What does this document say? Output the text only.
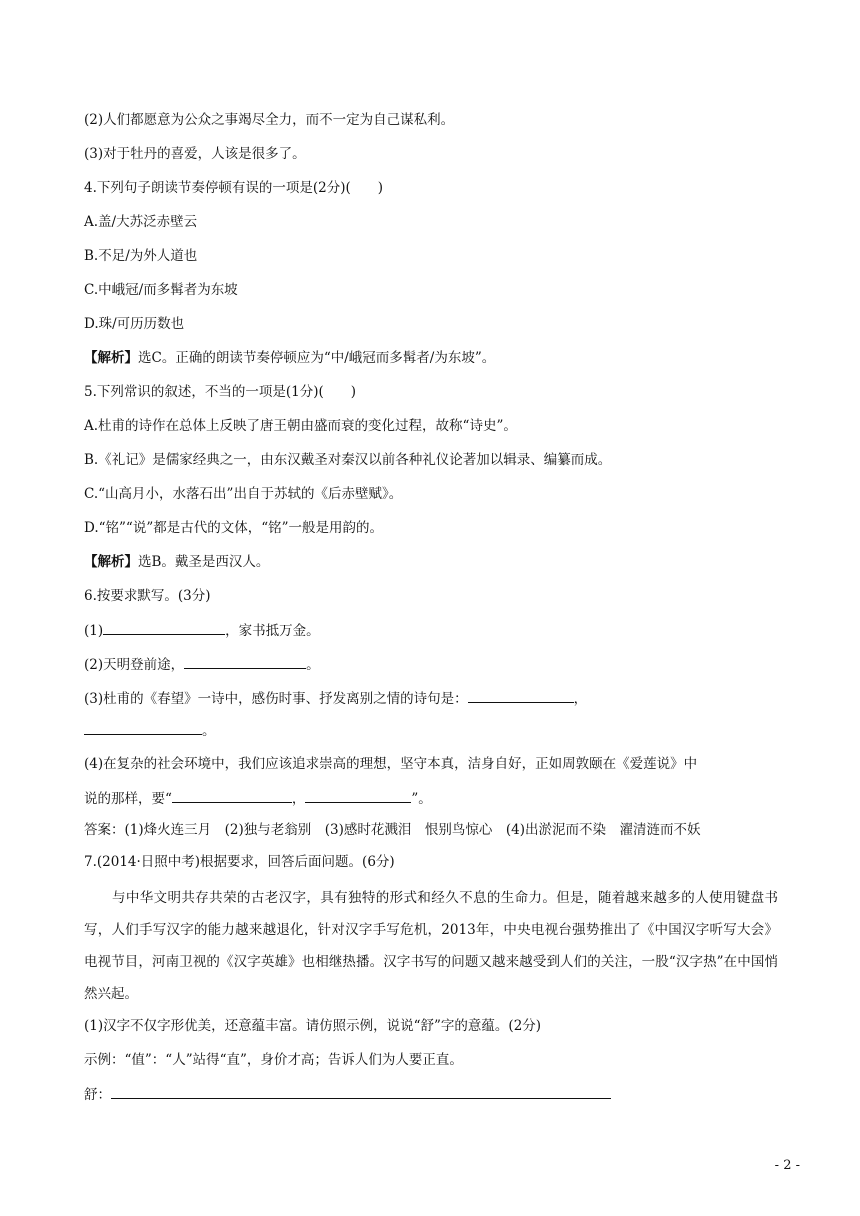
(2)人们都愿意为公众之事竭尽全力，而不一定为自己谋私利。
(3)对于牡丹的喜爱，人该是很多了。
4.下列句子朗读节奏停顿有误的一项是(2分)(　　)
A.盖/大苏泛赤壁云
B.不足/为外人道也
C.中峨冠/而多髯者为东坡
D.珠/可历历数也
【解析】选C。正确的朗读节奏停顿应为“中/峨冠而多髯者/为东坡”。
5.下列常识的叙述，不当的一项是(1分)(　　)
A.杜甫的诗作在总体上反映了唐王朝由盛而衰的变化过程，故称“诗史”。
B.《礼记》是儒家经典之一，由东汉戴圣对秦汉以前各种礼仪论著加以辑录、编纂而成。
C.“山高月小，水落石出”出自于苏轼的《后赤壁赋》。
D.“铭”“说”都是古代的文体，“铭”一般是用韵的。
【解析】选B。戴圣是西汉人。
6.按要求默写。(3分)
(1)	，家书抵万金。
(2)天明登前途，	。
(3)杜甫的《春望》一诗中，感伤时事、抒发离别之情的诗句是：	，
。
(4)在复杂的社会环境中，我们应该追求崇高的理想，坚守本真，洁身自好，正如周敦颐在《爱莲说》中
说的那样，要“	，	”。
答案：(1)烽火连三月　(2)独与老翁别　(3)感时花溅泪　恨别鸟惊心　(4)出淤泥而不染　濯清涟而不妖
7.(2014·日照中考)根据要求，回答后面问题。(6分)
与中华文明共存共荣的古老汉字，具有独特的形式和经久不息的生命力。但是，随着越来越多的人使用键盘书写，人们手写汉字的能力越来越退化，针对汉字手写危机，2013年，中央电视台强势推出了《中国汉字听写大会》电视节目，河南卫视的《汉字英雄》也相继热播。汉字书写的问题又越来越受到人们的关注，一股“汉字热”在中国悄然兴起。
(1)汉字不仅字形优美，还意蕴丰富。请仿照示例，说说“舒”字的意蕴。(2分)
示例：“值”：“人”站得“直”，身价才高；告诉人们为人要正直。
舒：
- 2 -
